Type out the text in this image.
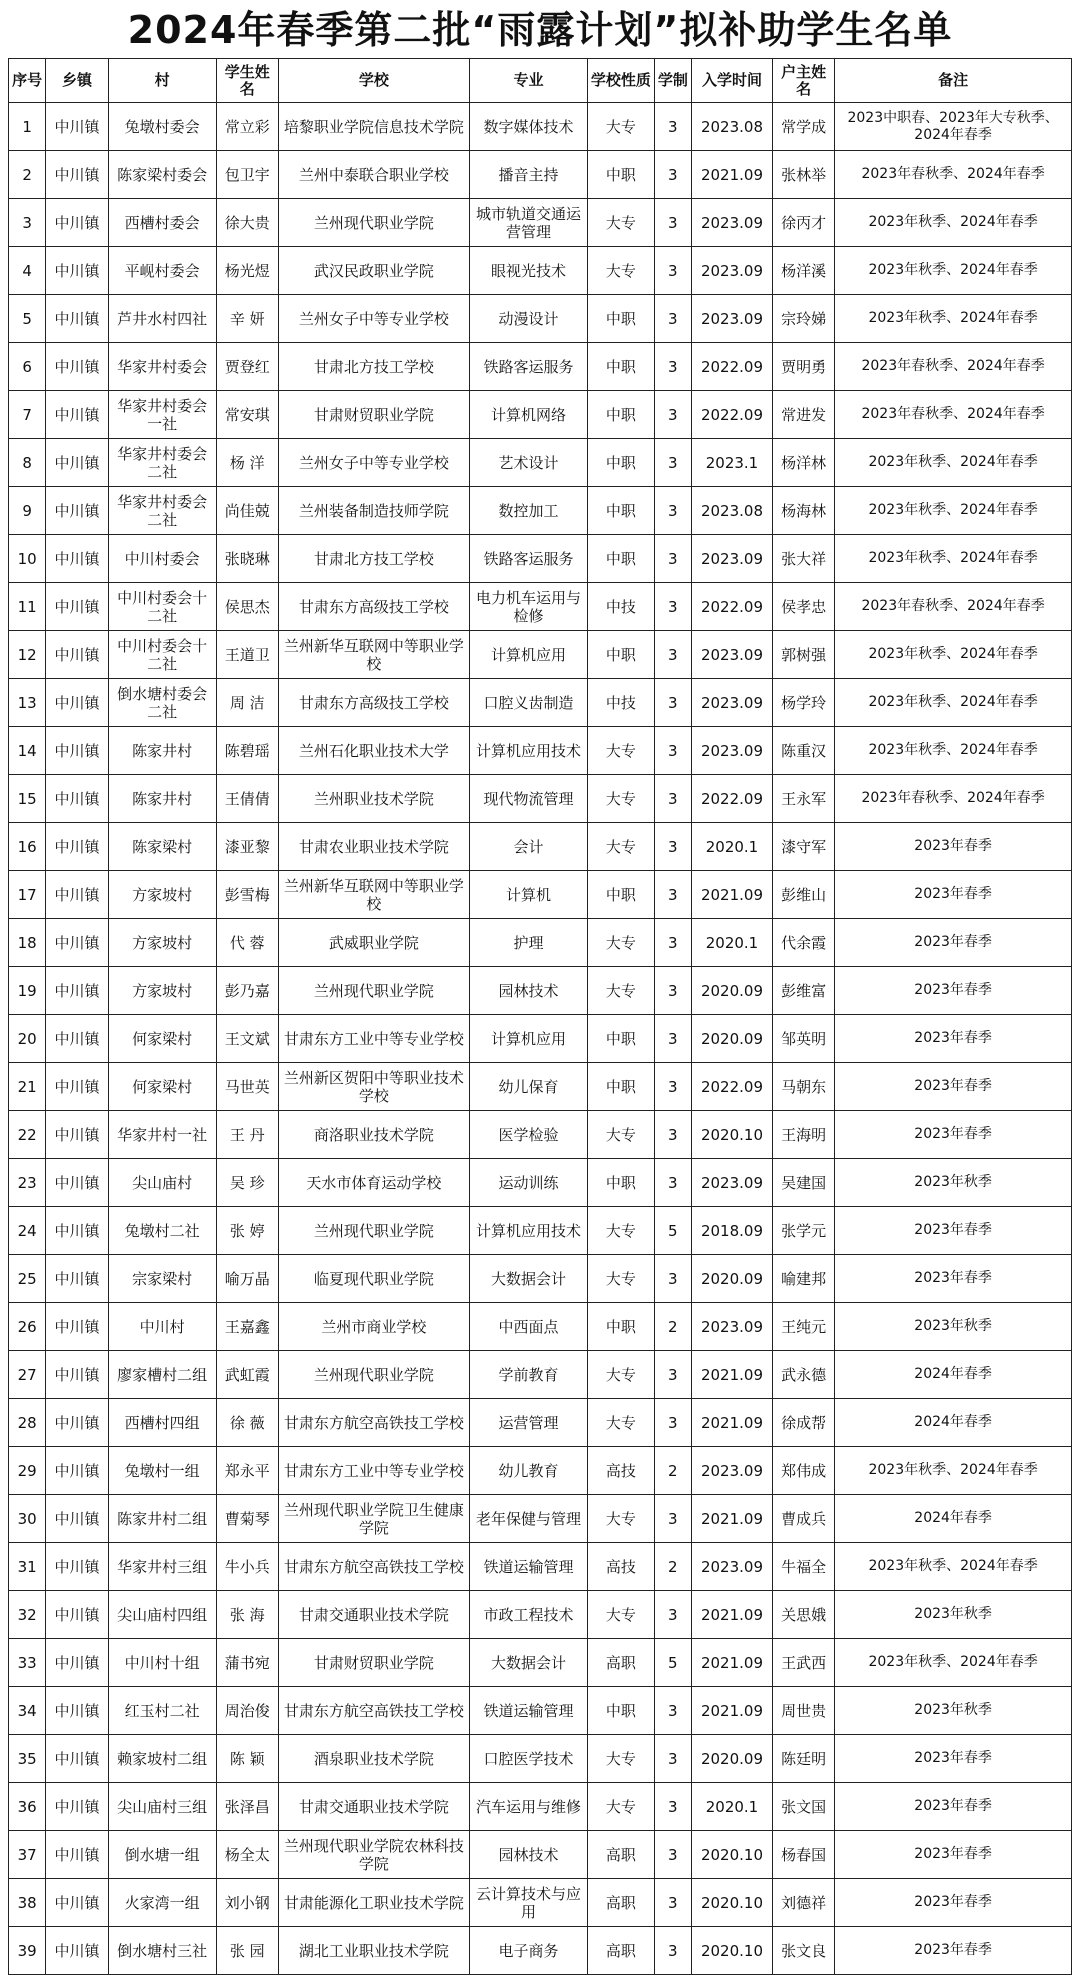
2024年春季第二批“雨露计划”拟补助学生名单
序号	乡镇	村	学生姓名	学校	专业	学校性质	学制	入学时间	户主姓名	备注
1	中川镇	兔墩村委会	常立彩	培黎职业学院信息技术学院	数字媒体技术	大专	3	2023.08	常学成	2023中职春、2023年大专秋季、2024年春季
2	中川镇	陈家梁村委会	包卫宇	兰州中泰联合职业学校	播音主持	中职	3	2021.09	张林举	2023年春秋季、2024年春季
3	中川镇	西槽村委会	徐大贵	兰州现代职业学院	城市轨道交通运营管理	大专	3	2023.09	徐丙才	2023年秋季、2024年春季
4	中川镇	平岘村委会	杨光煜	武汉民政职业学院	眼视光技术	大专	3	2023.09	杨洋溪	2023年秋季、2024年春季
5	中川镇	芦井水村四社	辛 妍	兰州女子中等专业学校	动漫设计	中职	3	2023.09	宗玲娣	2023年秋季、2024年春季
6	中川镇	华家井村委会	贾登红	甘肃北方技工学校	铁路客运服务	中职	3	2022.09	贾明勇	2023年春秋季、2024年春季
7	中川镇	华家井村委会一社	常安琪	甘肃财贸职业学院	计算机网络	中职	3	2022.09	常进发	2023年春秋季、2024年春季
8	中川镇	华家井村委会二社	杨 洋	兰州女子中等专业学校	艺术设计	中职	3	2023.1	杨洋林	2023年秋季、2024年春季
9	中川镇	华家井村委会二社	尚佳兢	兰州装备制造技师学院	数控加工	中职	3	2023.08	杨海林	2023年秋季、2024年春季
10	中川镇	中川村委会	张晓琳	甘肃北方技工学校	铁路客运服务	中职	3	2023.09	张大祥	2023年秋季、2024年春季
11	中川镇	中川村委会十二社	侯思杰	甘肃东方高级技工学校	电力机车运用与检修	中技	3	2022.09	侯孝忠	2023年春秋季、2024年春季
12	中川镇	中川村委会十二社	王道卫	兰州新华互联网中等职业学校	计算机应用	中职	3	2023.09	郭树强	2023年秋季、2024年春季
13	中川镇	倒水塘村委会二社	周 洁	甘肃东方高级技工学校	口腔义齿制造	中技	3	2023.09	杨学玲	2023年秋季、2024年春季
14	中川镇	陈家井村	陈碧瑶	兰州石化职业技术大学	计算机应用技术	大专	3	2023.09	陈重汉	2023年秋季、2024年春季
15	中川镇	陈家井村	王倩倩	兰州职业技术学院	现代物流管理	大专	3	2022.09	王永军	2023年春秋季、2024年春季
16	中川镇	陈家梁村	漆亚黎	甘肃农业职业技术学院	会计	大专	3	2020.1	漆守军	2023年春季
17	中川镇	方家坡村	彭雪梅	兰州新华互联网中等职业学校	计算机	中职	3	2021.09	彭维山	2023年春季
18	中川镇	方家坡村	代 蓉	武威职业学院	护理	大专	3	2020.1	代余霞	2023年春季
19	中川镇	方家坡村	彭乃嘉	兰州现代职业学院	园林技术	大专	3	2020.09	彭维富	2023年春季
20	中川镇	何家梁村	王文斌	甘肃东方工业中等专业学校	计算机应用	中职	3	2020.09	邹英明	2023年春季
21	中川镇	何家梁村	马世英	兰州新区贺阳中等职业技术学校	幼儿保育	中职	3	2022.09	马朝东	2023年春季
22	中川镇	华家井村一社	王 丹	商洛职业技术学院	医学检验	大专	3	2020.10	王海明	2023年春季
23	中川镇	尖山庙村	吴 珍	天水市体育运动学校	运动训练	中职	3	2023.09	吴建国	2023年秋季
24	中川镇	兔墩村二社	张 婷	兰州现代职业学院	计算机应用技术	大专	5	2018.09	张学元	2023年春季
25	中川镇	宗家梁村	喻万晶	临夏现代职业学院	大数据会计	大专	3	2020.09	喻建邦	2023年春季
26	中川镇	中川村	王嘉鑫	兰州市商业学校	中西面点	中职	2	2023.09	王纯元	2023年秋季
27	中川镇	廖家槽村二组	武虹霞	兰州现代职业学院	学前教育	大专	3	2021.09	武永德	2024年春季
28	中川镇	西槽村四组	徐 薇	甘肃东方航空高铁技工学校	运营管理	大专	3	2021.09	徐成帮	2024年春季
29	中川镇	兔墩村一组	郑永平	甘肃东方工业中等专业学校	幼儿教育	高技	2	2023.09	郑伟成	2023年秋季、2024年春季
30	中川镇	陈家井村二组	曹菊琴	兰州现代职业学院卫生健康学院	老年保健与管理	大专	3	2021.09	曹成兵	2024年春季
31	中川镇	华家井村三组	牛小兵	甘肃东方航空高铁技工学校	铁道运输管理	高技	2	2023.09	牛福全	2023年秋季、2024年春季
32	中川镇	尖山庙村四组	张 海	甘肃交通职业技术学院	市政工程技术	大专	3	2021.09	关思娥	2023年秋季
33	中川镇	中川村十组	蒲书宛	甘肃财贸职业学院	大数据会计	高职	5	2021.09	王武西	2023年秋季、2024年春季
34	中川镇	红玉村二社	周治俊	甘肃东方航空高铁技工学校	铁道运输管理	中职	3	2021.09	周世贵	2023年秋季
35	中川镇	赖家坡村二组	陈 颖	酒泉职业技术学院	口腔医学技术	大专	3	2020.09	陈廷明	2023年春季
36	中川镇	尖山庙村三组	张泽昌	甘肃交通职业技术学院	汽车运用与维修	大专	3	2020.1	张文国	2023年春季
37	中川镇	倒水塘一组	杨全太	兰州现代职业学院农林科技学院	园林技术	高职	3	2020.10	杨春国	2023年春季
38	中川镇	火家湾一组	刘小钢	甘肃能源化工职业技术学院	云计算技术与应用	高职	3	2020.10	刘德祥	2023年春季
39	中川镇	倒水塘村三社	张 园	湖北工业职业技术学院	电子商务	高职	3	2020.10	张文良	2023年春季
